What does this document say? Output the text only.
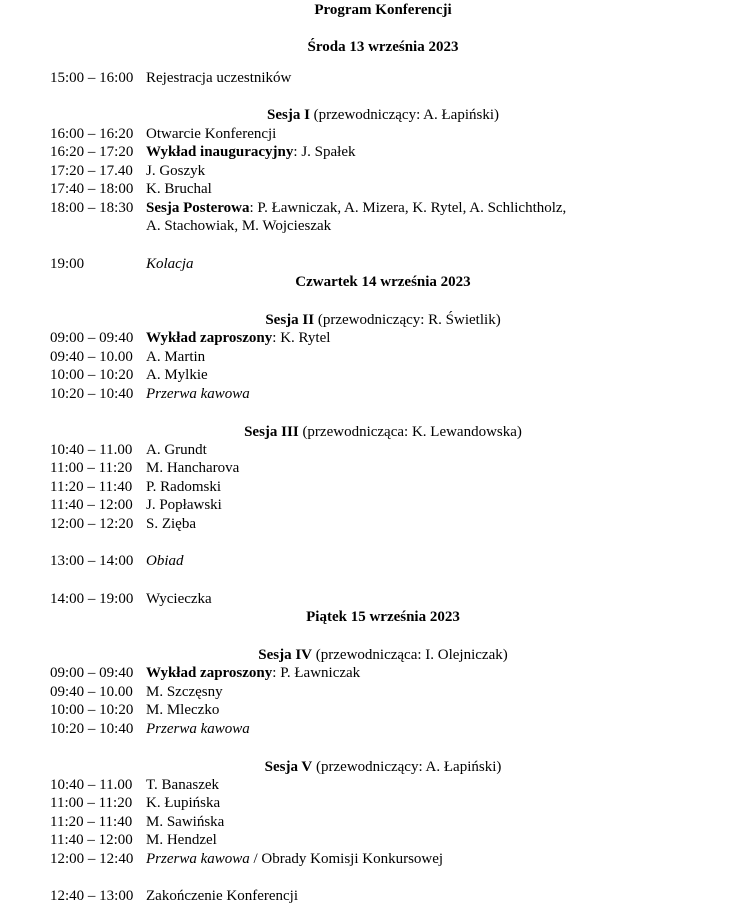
Program Konferencji
Środa 13 września 2023
15:00 – 16:00 Rejestracja uczestników
Sesja I (przewodniczący: A. Łapiński)
16:00 – 16:20 Otwarcie Konferencji
16:20 – 17:20 Wykład inauguracyjny: J. Spałek
17:20 – 17.40 J. Goszyk
17:40 – 18:00 K. Bruchal
18:00 – 18:30 Sesja Posterowa: P. Ławniczak, A. Mizera, K. Rytel, A. Schlichtholz,
A. Stachowiak, M. Wojcieszak
19:00	Kolacja
Czwartek 14 września 2023
Sesja II (przewodniczący: R. Świetlik)
09:00 – 09:40 Wykład zaproszony: K. Rytel
09:40 – 10.00 A. Martin
10:00 – 10:20 A. Mylkie
10:20 – 10:40 Przerwa kawowa
Sesja III (przewodnicząca: K. Lewandowska)
10:40 – 11.00 A. Grundt
11:00 – 11:20 M. Hancharova
11:20 – 11:40 P. Radomski
11:40 – 12:00 J. Popławski
12:00 – 12:20 S. Zięba
13:00 – 14:00 Obiad
14:00 – 19:00 Wycieczka
Piątek 15 września 2023
Sesja IV (przewodnicząca: I. Olejniczak)
09:00 – 09:40 Wykład zaproszony: P. Ławniczak
09:40 – 10.00 M. Szczęsny
10:00 – 10:20 M. Mleczko
10:20 – 10:40 Przerwa kawowa
Sesja V (przewodniczący: A. Łapiński)
10:40 – 11.00 T. Banaszek
11:00 – 11:20 K. Łupińska
11:20 – 11:40 M. Sawińska
11:40 – 12:00 M. Hendzel
12:00 – 12:40 Przerwa kawowa / Obrady Komisji Konkursowej
12:40 – 13:00 Zakończenie Konferencji
